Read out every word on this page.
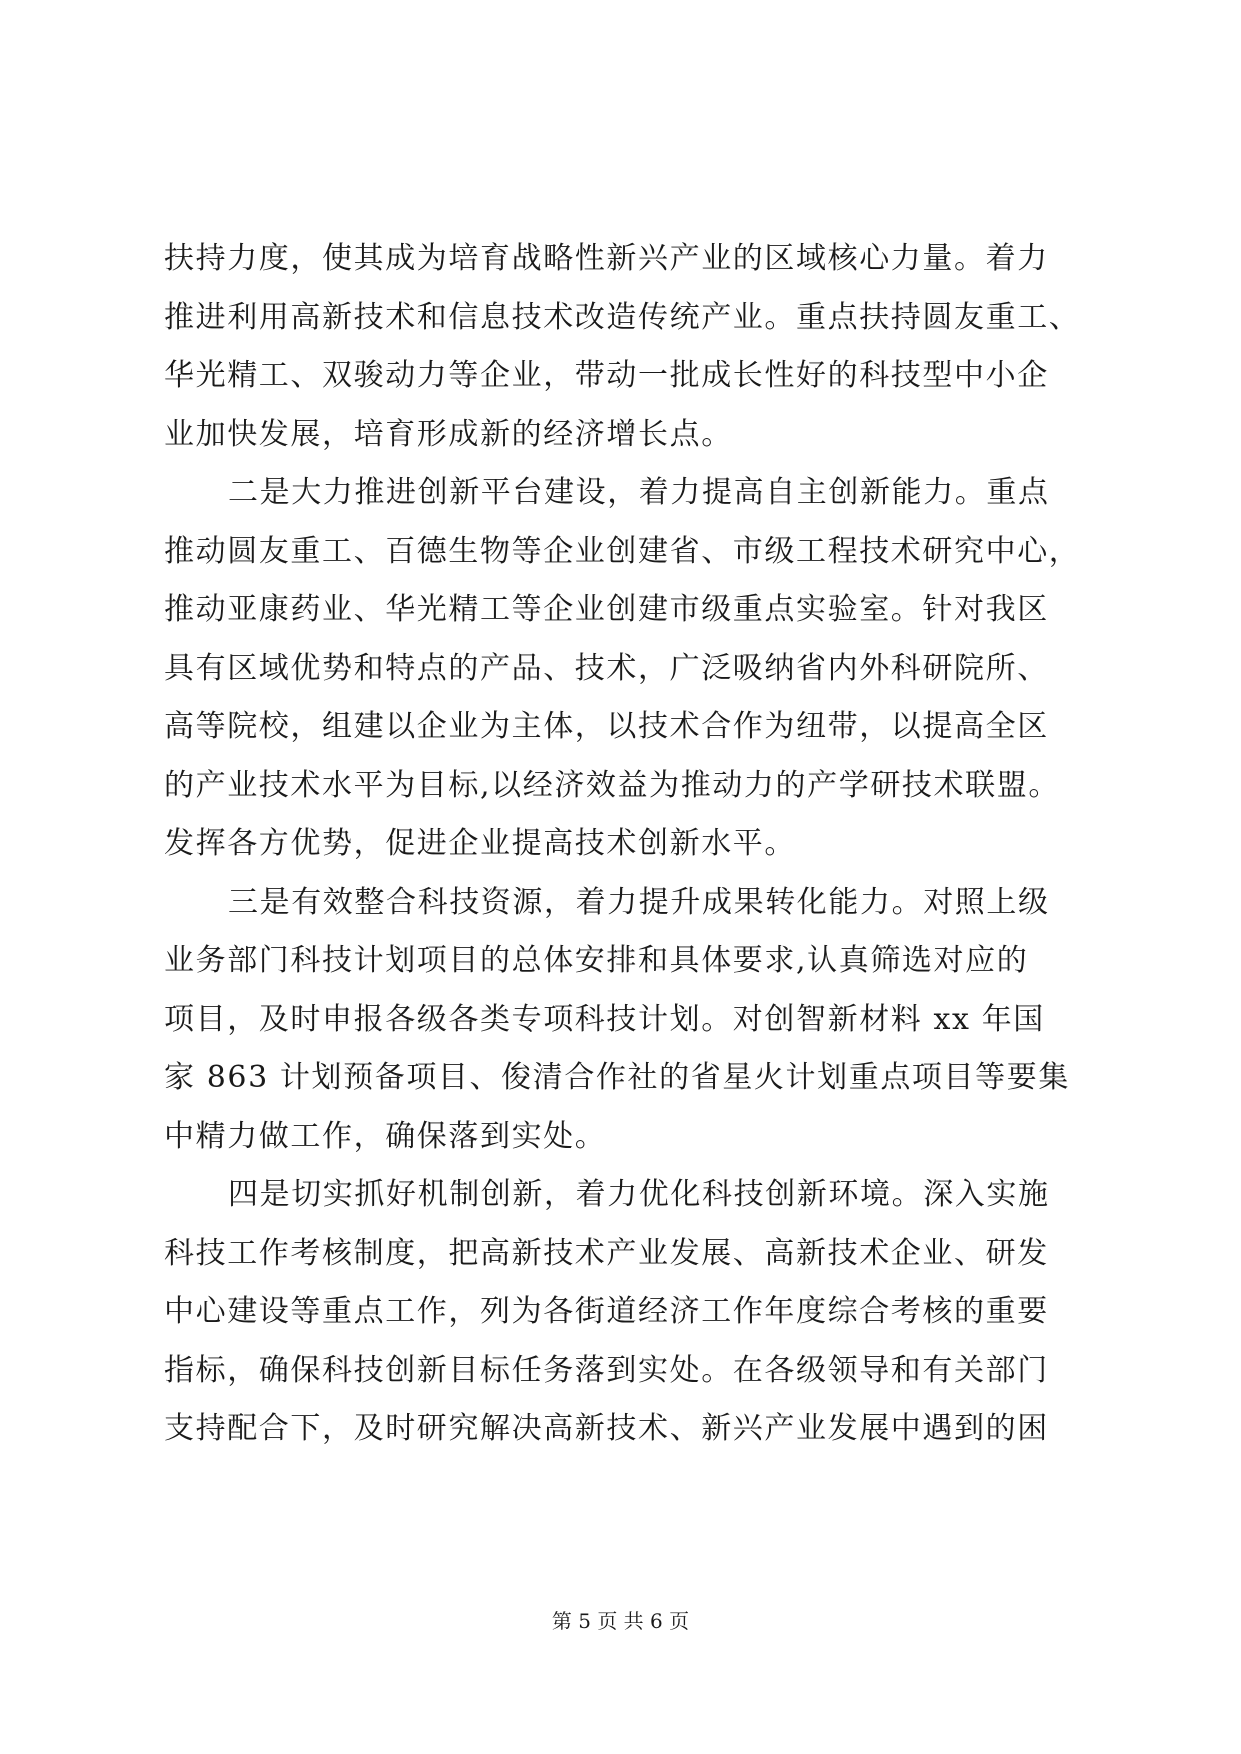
扶持力度，使其成为培育战略性新兴产业的区域核心力量。着力
推进利用高新技术和信息技术改造传统产业。重点扶持圆友重工、
华光精工、双骏动力等企业，带动一批成长性好的科技型中小企
业加快发展，培育形成新的经济增长点。
二是大力推进创新平台建设，着力提高自主创新能力。重点
推动圆友重工、百德生物等企业创建省、市级工程技术研究中心，
推动亚康药业、华光精工等企业创建市级重点实验室。针对我区
具有区域优势和特点的产品、技术，广泛吸纳省内外科研院所、
高等院校，组建以企业为主体，以技术合作为纽带，以提高全区
的产业技术水平为目标,以经济效益为推动力的产学研技术联盟。
发挥各方优势，促进企业提高技术创新水平。
三是有效整合科技资源，着力提升成果转化能力。对照上级
业务部门科技计划项目的总体安排和具体要求,认真筛选对应的
项目，及时申报各级各类专项科技计划。对创智新材料 xx 年国
家 863 计划预备项目、俊清合作社的省星火计划重点项目等要集
中精力做工作，确保落到实处。
四是切实抓好机制创新，着力优化科技创新环境。深入实施
科技工作考核制度，把高新技术产业发展、高新技术企业、研发
中心建设等重点工作，列为各街道经济工作年度综合考核的重要
指标，确保科技创新目标任务落到实处。在各级领导和有关部门
支持配合下，及时研究解决高新技术、新兴产业发展中遇到的困
第 5 页 共 6 页
